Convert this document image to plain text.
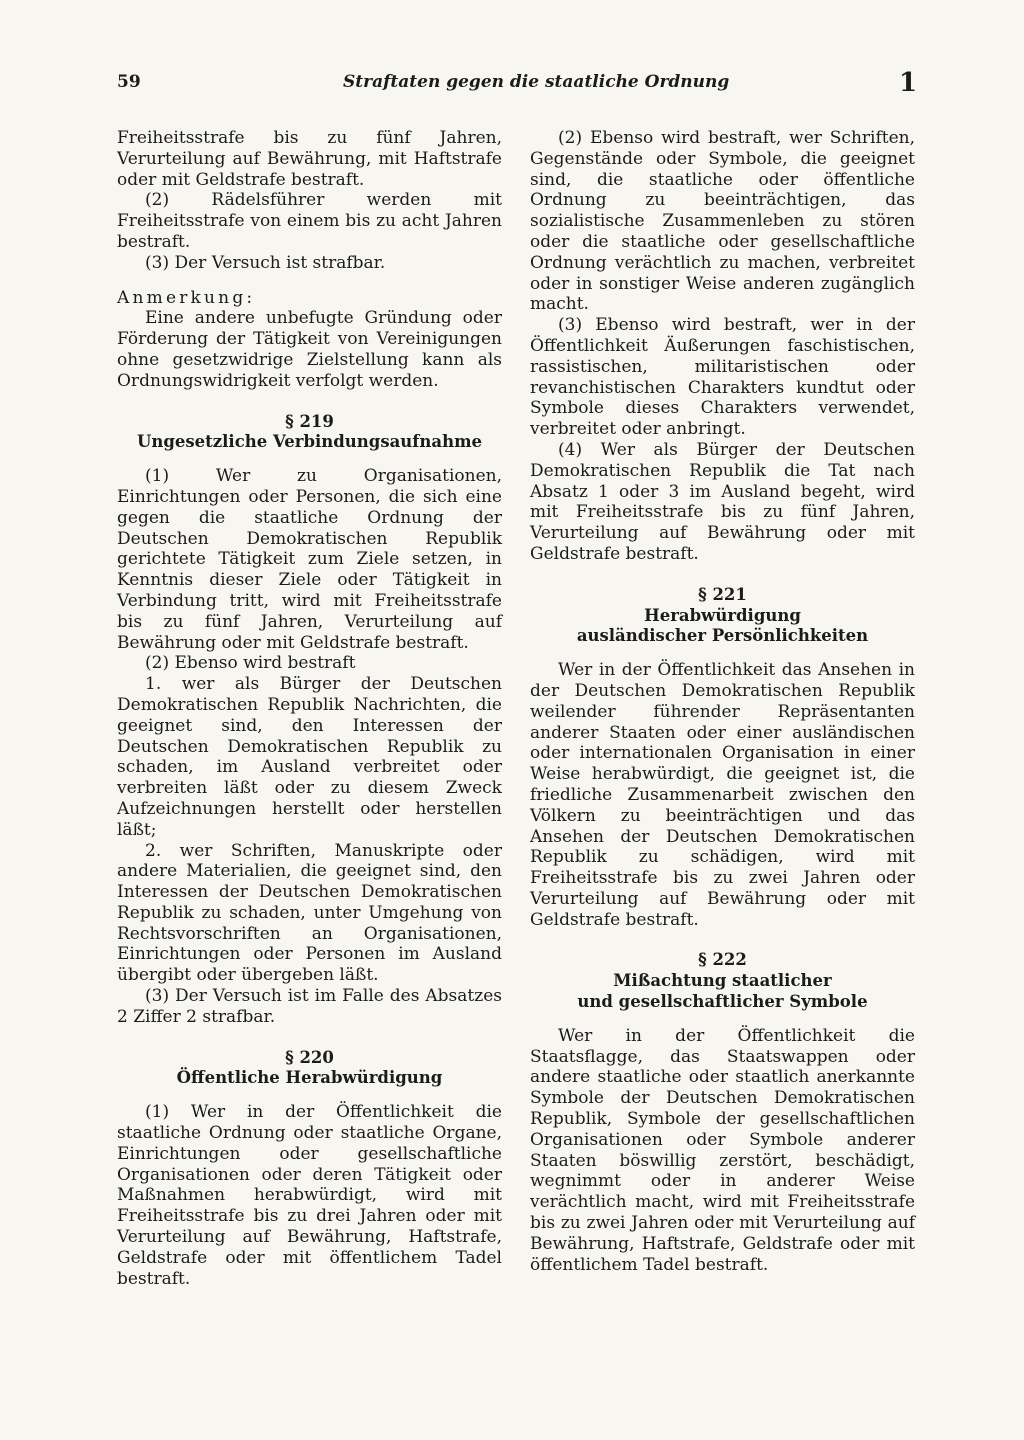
59	Straftaten gegen die staatliche Ordnung	1

Freiheitsstrafe bis zu fünf Jahren, Verurteilung auf Bewährung, mit Haftstrafe oder mit Geldstrafe bestraft.

(2) Rädelsführer werden mit Freiheitsstrafe von einem bis zu acht Jahren bestraft.

(3) Der Versuch ist strafbar.

Anmerkung:

Eine andere unbefugte Gründung oder Förderung der Tätigkeit von Vereinigungen ohne gesetzwidrige Zielstellung kann als Ordnungswidrigkeit verfolgt werden.

§ 219
Ungesetzliche Verbindungsaufnahme

(1) Wer zu Organisationen, Einrichtungen oder Personen, die sich eine gegen die staatliche Ordnung der Deutschen Demokratischen Republik gerichtete Tätigkeit zum Ziele setzen, in Kenntnis dieser Ziele oder Tätigkeit in Verbindung tritt, wird mit Freiheitsstrafe bis zu fünf Jahren, Verurteilung auf Bewährung oder mit Geldstrafe bestraft.

(2) Ebenso wird bestraft

1. wer als Bürger der Deutschen Demokratischen Republik Nachrichten, die geeignet sind, den Interessen der Deutschen Demokratischen Republik zu schaden, im Ausland verbreitet oder verbreiten läßt oder zu diesem Zweck Aufzeichnungen herstellt oder herstellen läßt;

2. wer Schriften, Manuskripte oder andere Materialien, die geeignet sind, den Interessen der Deutschen Demokratischen Republik zu schaden, unter Umgehung von Rechtsvorschriften an Organisationen, Einrichtungen oder Personen im Ausland übergibt oder übergeben läßt.

(3) Der Versuch ist im Falle des Absatzes 2 Ziffer 2 strafbar.

§ 220
Öffentliche Herabwürdigung

(1) Wer in der Öffentlichkeit die staatliche Ordnung oder staatliche Organe, Einrichtungen oder gesellschaftliche Organisationen oder deren Tätigkeit oder Maßnahmen herabwürdigt, wird mit Freiheitsstrafe bis zu drei Jahren oder mit Verurteilung auf Bewährung, Haftstrafe, Geldstrafe oder mit öffentlichem Tadel bestraft.

(2) Ebenso wird bestraft, wer Schriften, Gegenstände oder Symbole, die geeignet sind, die staatliche oder öffentliche Ordnung zu beeinträchtigen, das sozialistische Zusammenleben zu stören oder die staatliche oder gesellschaftliche Ordnung verächtlich zu machen, verbreitet oder in sonstiger Weise anderen zugänglich macht.

(3) Ebenso wird bestraft, wer in der Öffentlichkeit Äußerungen faschistischen, rassistischen, militaristischen oder revanchistischen Charakters kundtut oder Symbole dieses Charakters verwendet, verbreitet oder anbringt.

(4) Wer als Bürger der Deutschen Demokratischen Republik die Tat nach Absatz 1 oder 3 im Ausland begeht, wird mit Freiheitsstrafe bis zu fünf Jahren, Verurteilung auf Bewährung oder mit Geldstrafe bestraft.

§ 221
Herabwürdigung
ausländischer Persönlichkeiten

Wer in der Öffentlichkeit das Ansehen in der Deutschen Demokratischen Republik weilender führender Repräsentanten anderer Staaten oder einer ausländischen oder internationalen Organisation in einer Weise herabwürdigt, die geeignet ist, die friedliche Zusammenarbeit zwischen den Völkern zu beeinträchtigen und das Ansehen der Deutschen Demokratischen Republik zu schädigen, wird mit Freiheitsstrafe bis zu zwei Jahren oder Verurteilung auf Bewährung oder mit Geldstrafe bestraft.

§ 222
Mißachtung staatlicher
und gesellschaftlicher Symbole

Wer in der Öffentlichkeit die Staatsflagge, das Staatswappen oder andere staatliche oder staatlich anerkannte Symbole der Deutschen Demokratischen Republik, Symbole der gesellschaftlichen Organisationen oder Symbole anderer Staaten böswillig zerstört, beschädigt, wegnimmt oder in anderer Weise verächtlich macht, wird mit Freiheitsstrafe bis zu zwei Jahren oder mit Verurteilung auf Bewährung, Haftstrafe, Geldstrafe oder mit öffentlichem Tadel bestraft.
